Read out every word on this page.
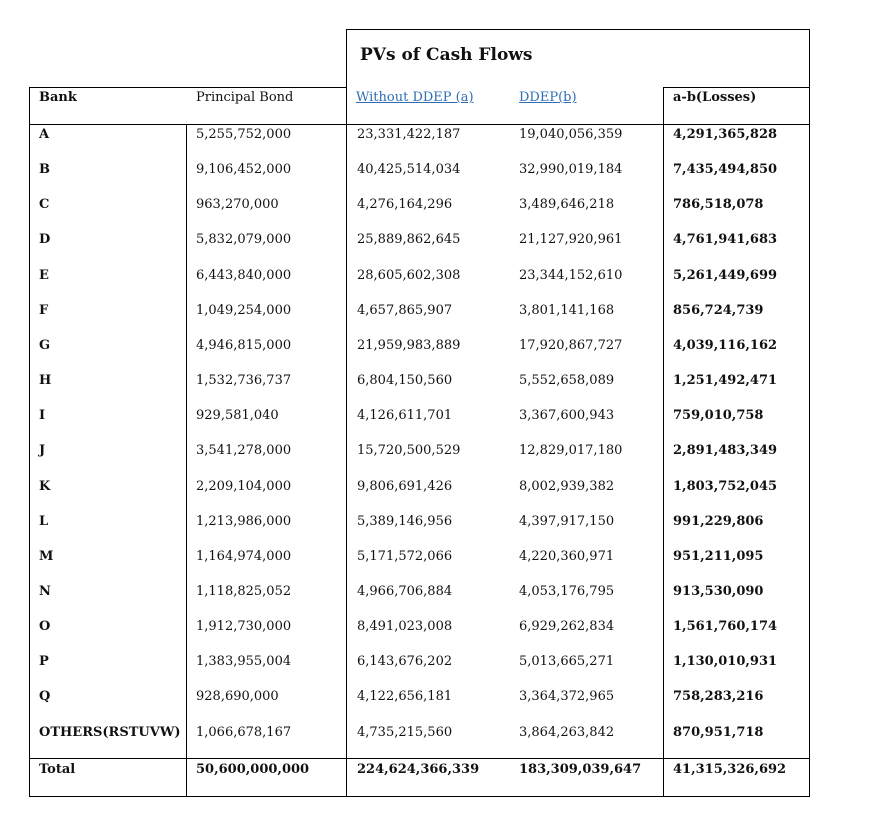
PVs of Cash Flows
Bank	Principal Bond	Without DDEP (a)	DDEP(b)	a-b(Losses)
A	5,255,752,000	23,331,422,187	19,040,056,359	4,291,365,828
B	9,106,452,000	40,425,514,034	32,990,019,184	7,435,494,850
C	963,270,000	4,276,164,296	3,489,646,218	786,518,078
D	5,832,079,000	25,889,862,645	21,127,920,961	4,761,941,683
E	6,443,840,000	28,605,602,308	23,344,152,610	5,261,449,699
F	1,049,254,000	4,657,865,907	3,801,141,168	856,724,739
G	4,946,815,000	21,959,983,889	17,920,867,727	4,039,116,162
H	1,532,736,737	6,804,150,560	5,552,658,089	1,251,492,471
I	929,581,040	4,126,611,701	3,367,600,943	759,010,758
J	3,541,278,000	15,720,500,529	12,829,017,180	2,891,483,349
K	2,209,104,000	9,806,691,426	8,002,939,382	1,803,752,045
L	1,213,986,000	5,389,146,956	4,397,917,150	991,229,806
M	1,164,974,000	5,171,572,066	4,220,360,971	951,211,095
N	1,118,825,052	4,966,706,884	4,053,176,795	913,530,090
O	1,912,730,000	8,491,023,008	6,929,262,834	1,561,760,174
P	1,383,955,004	6,143,676,202	5,013,665,271	1,130,010,931
Q	928,690,000	4,122,656,181	3,364,372,965	758,283,216
OTHERS(RSTUVW) 1,066,678,167	4,735,215,560	3,864,263,842	870,951,718
Total	50,600,000,000	224,624,366,339	183,309,039,647 41,315,326,692
